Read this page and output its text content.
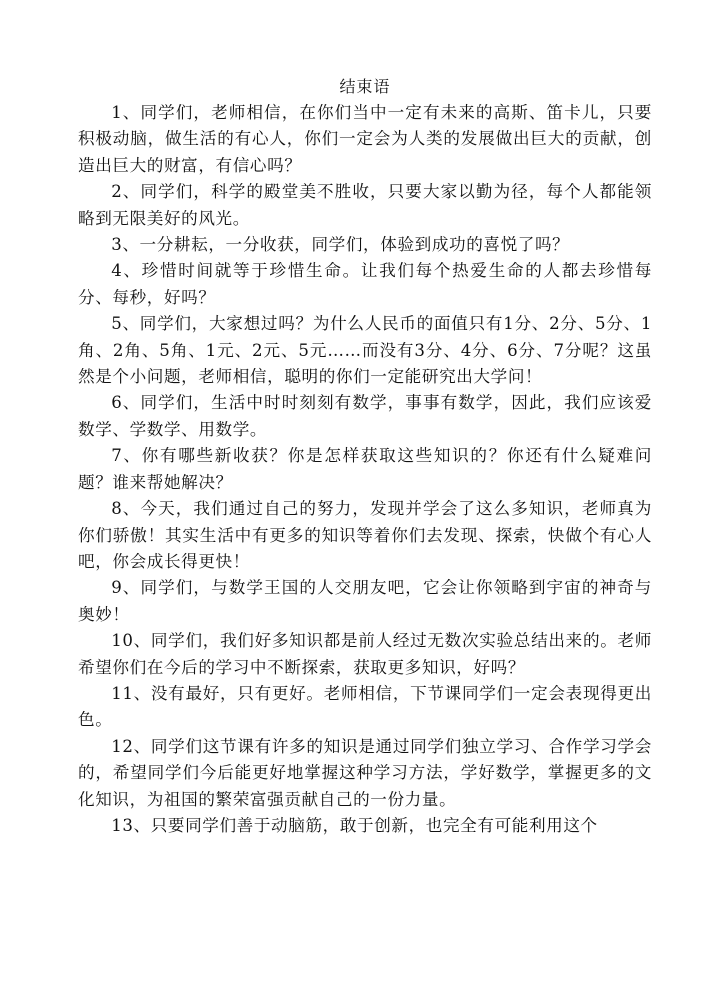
结束语

1、同学们，老师相信，在你们当中一定有未来的高斯、笛卡儿，只要积极动脑，做生活的有心人，你们一定会为人类的发展做出巨大的贡献，创造出巨大的财富，有信心吗？

2、同学们，科学的殿堂美不胜收，只要大家以勤为径，每个人都能领略到无限美好的风光。

3、一分耕耘，一分收获，同学们，体验到成功的喜悦了吗？

4、珍惜时间就等于珍惜生命。让我们每个热爱生命的人都去珍惜每分、每秒，好吗？

5、同学们，大家想过吗？为什么人民币的面值只有1分、2分、5分、1角、2角、5角、1元、2元、5元……而没有3分、4分、6分、7分呢？这虽然是个小问题，老师相信，聪明的你们一定能研究出大学问！

6、同学们，生活中时时刻刻有数学，事事有数学，因此，我们应该爱数学、学数学、用数学。

7、你有哪些新收获？你是怎样获取这些知识的？你还有什么疑难问题？谁来帮她解决？

8、今天，我们通过自己的努力，发现并学会了这么多知识，老师真为你们骄傲！其实生活中有更多的知识等着你们去发现、探索，快做个有心人吧，你会成长得更快！

9、同学们，与数学王国的人交朋友吧，它会让你领略到宇宙的神奇与奥妙！

10、同学们，我们好多知识都是前人经过无数次实验总结出来的。老师希望你们在今后的学习中不断探索，获取更多知识，好吗？

11、没有最好，只有更好。老师相信，下节课同学们一定会表现得更出色。

12、同学们这节课有许多的知识是通过同学们独立学习、合作学习学会的，希望同学们今后能更好地掌握这种学习方法，学好数学，掌握更多的文化知识，为祖国的繁荣富强贡献自己的一份力量。

13、只要同学们善于动脑筋，敢于创新，也完全有可能利用这个
